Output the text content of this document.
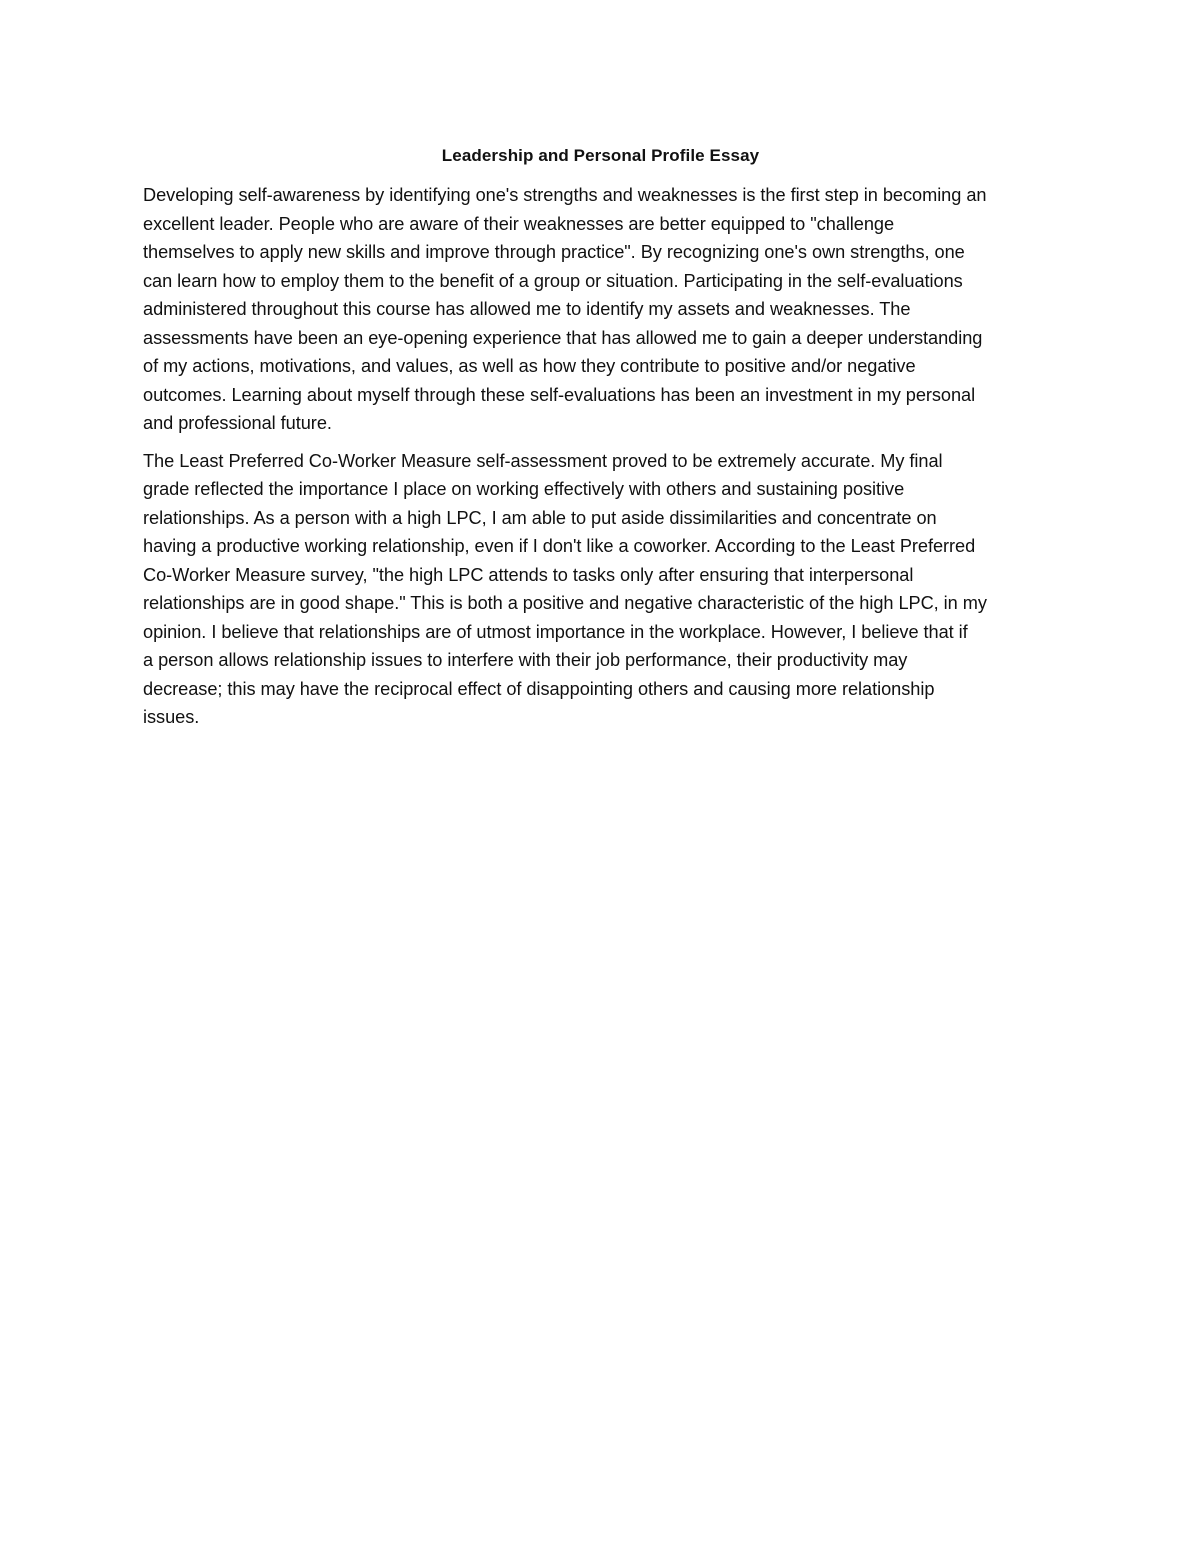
Leadership and Personal Profile Essay
Developing self-awareness by identifying one's strengths and weaknesses is the first step in becoming an
excellent leader. People who are aware of their weaknesses are better equipped to "challenge
themselves to apply new skills and improve through practice". By recognizing one's own strengths, one
can learn how to employ them to the benefit of a group or situation. Participating in the self-evaluations
administered throughout this course has allowed me to identify my assets and weaknesses. The
assessments have been an eye-opening experience that has allowed me to gain a deeper understanding
of my actions, motivations, and values, as well as how they contribute to positive and/or negative
outcomes. Learning about myself through these self-evaluations has been an investment in my personal
and professional future.
The Least Preferred Co-Worker Measure self-assessment proved to be extremely accurate. My final
grade reflected the importance I place on working effectively with others and sustaining positive
relationships. As a person with a high LPC, I am able to put aside dissimilarities and concentrate on
having a productive working relationship, even if I don't like a coworker. According to the Least Preferred
Co-Worker Measure survey, "the high LPC attends to tasks only after ensuring that interpersonal
relationships are in good shape." This is both a positive and negative characteristic of the high LPC, in my
opinion. I believe that relationships are of utmost importance in the workplace. However, I believe that if
a person allows relationship issues to interfere with their job performance, their productivity may
decrease; this may have the reciprocal effect of disappointing others and causing more relationship
issues.
